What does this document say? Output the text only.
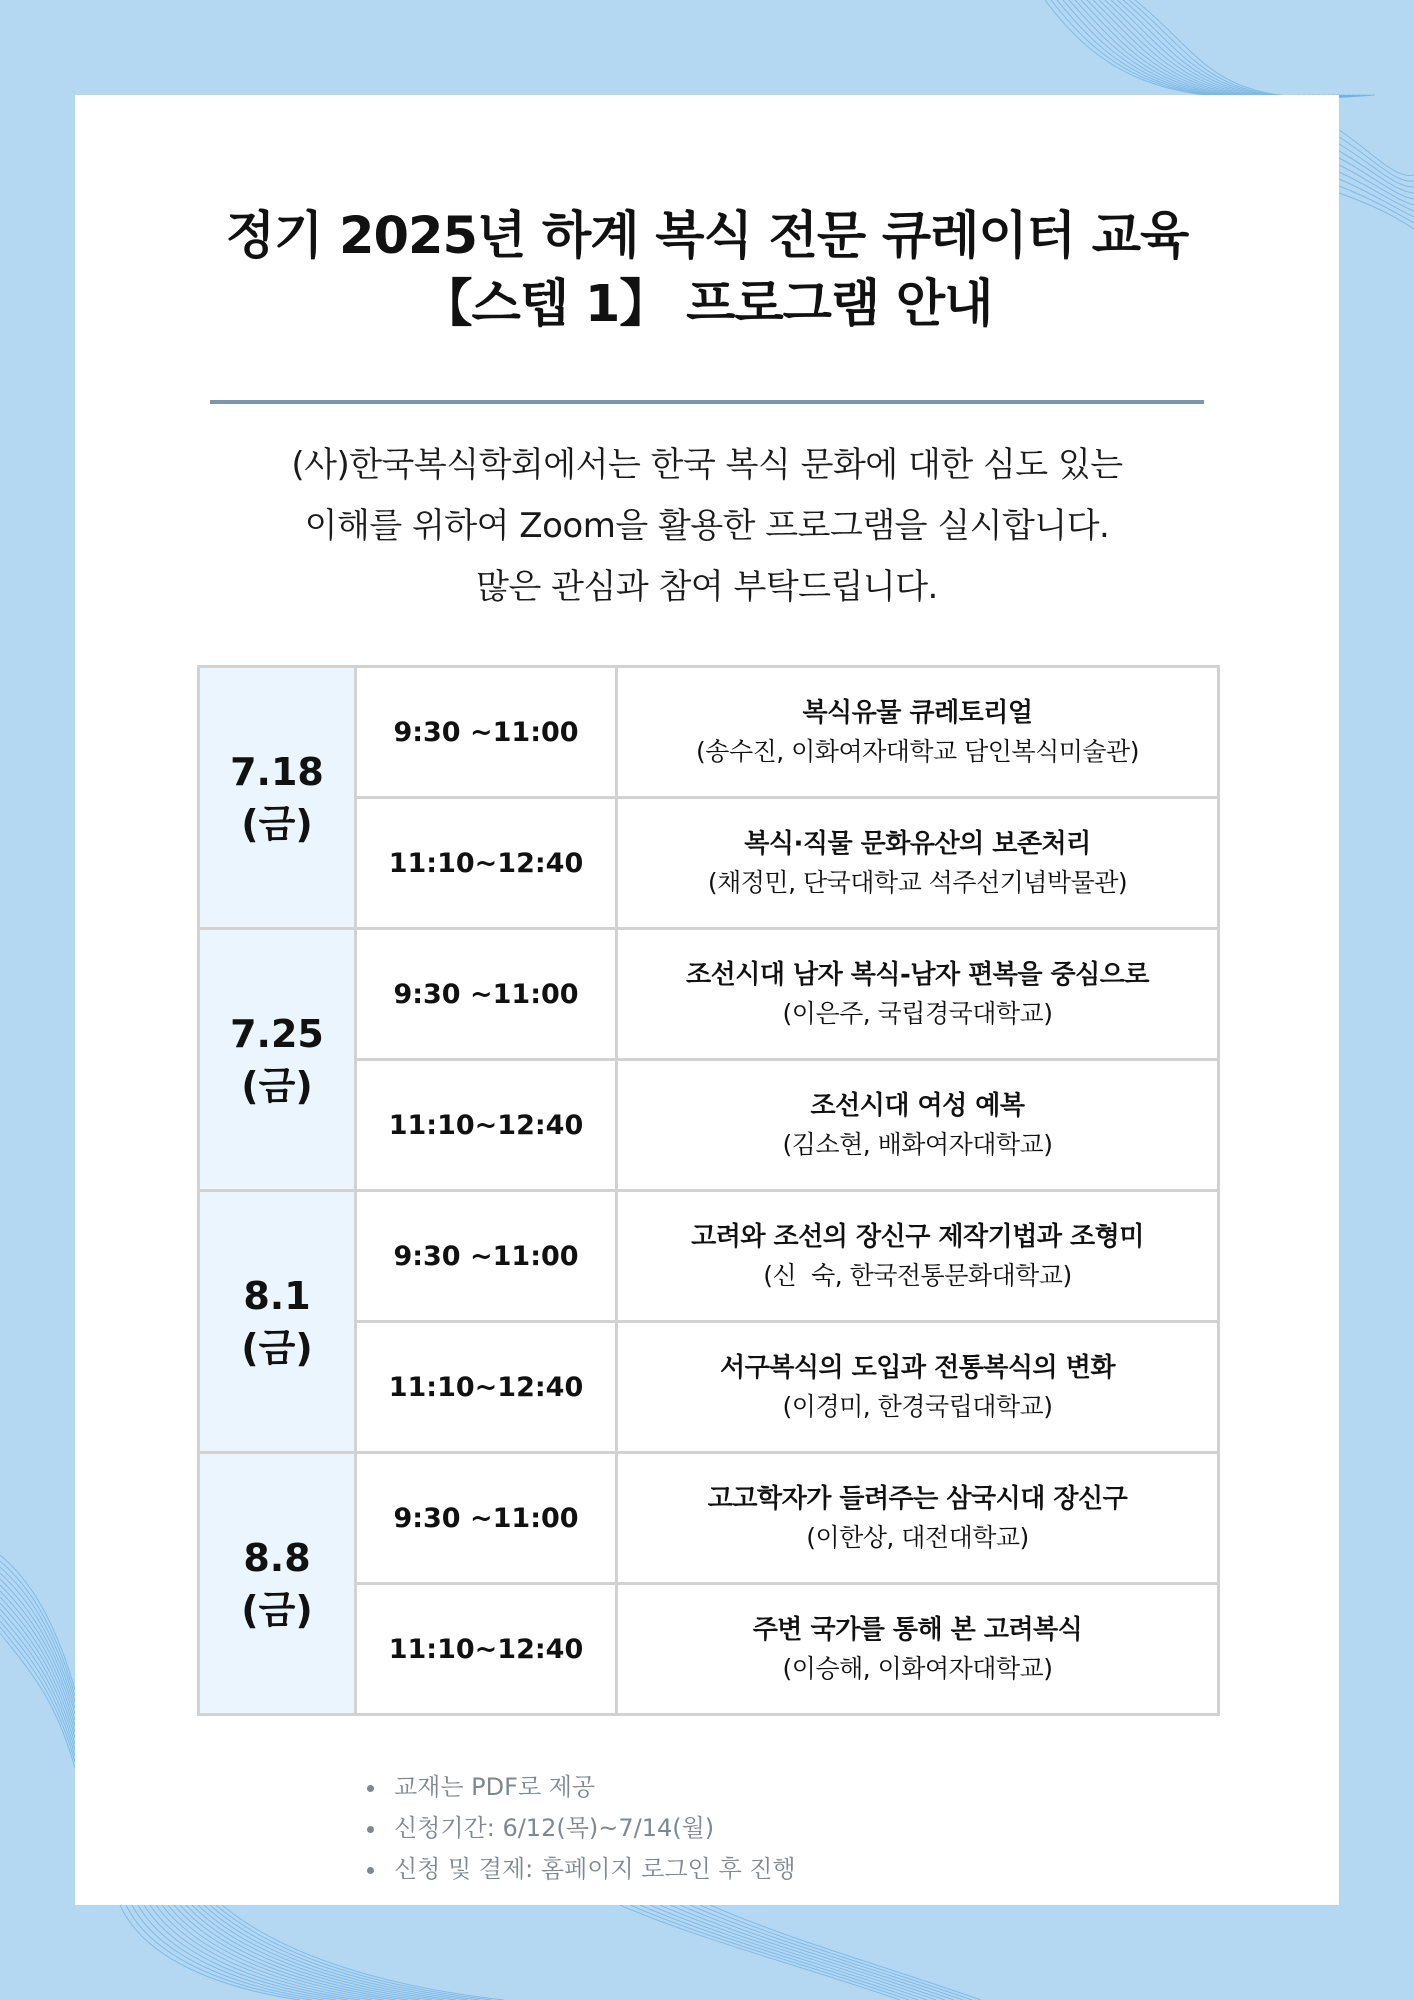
정기 2025년 하계 복식 전문 큐레이터 교육
【스텝 1】 프로그램 안내
(사)한국복식학회에서는 한국 복식 문화에 대한 심도 있는
이해를 위하여 Zoom을 활용한 프로그램을 실시합니다.
많은 관심과 참여 부탁드립니다.
7.18
(금)	9:30 ~11:00	복식유물 큐레토리얼
(송수진, 이화여자대학교 담인복식미술관)

	11:10~12:40	복식·직물 문화유산의 보존처리
(채정민, 단국대학교 석주선기념박물관)

7.25
(금)	9:30 ~11:00	조선시대 남자 복식-남자 편복을 중심으로
(이은주, 국립경국대학교)

	11:10~12:40	조선시대 여성 예복
(김소현, 배화여자대학교)

8.1
(금)	9:30 ~11:00	고려와 조선의 장신구 제작기법과 조형미
(신  숙, 한국전통문화대학교)

	11:10~12:40	서구복식의 도입과 전통복식의 변화
(이경미, 한경국립대학교)

8.8
(금)	9:30 ~11:00	고고학자가 들려주는 삼국시대 장신구
(이한상, 대전대학교)

	11:10~12:40	주변 국가를 통해 본 고려복식
(이승해, 이화여자대학교)
• 교재는 PDF로 제공
• 신청기간: 6/12(목)~7/14(월)
• 신청 및 결제: 홈페이지 로그인 후 진행
